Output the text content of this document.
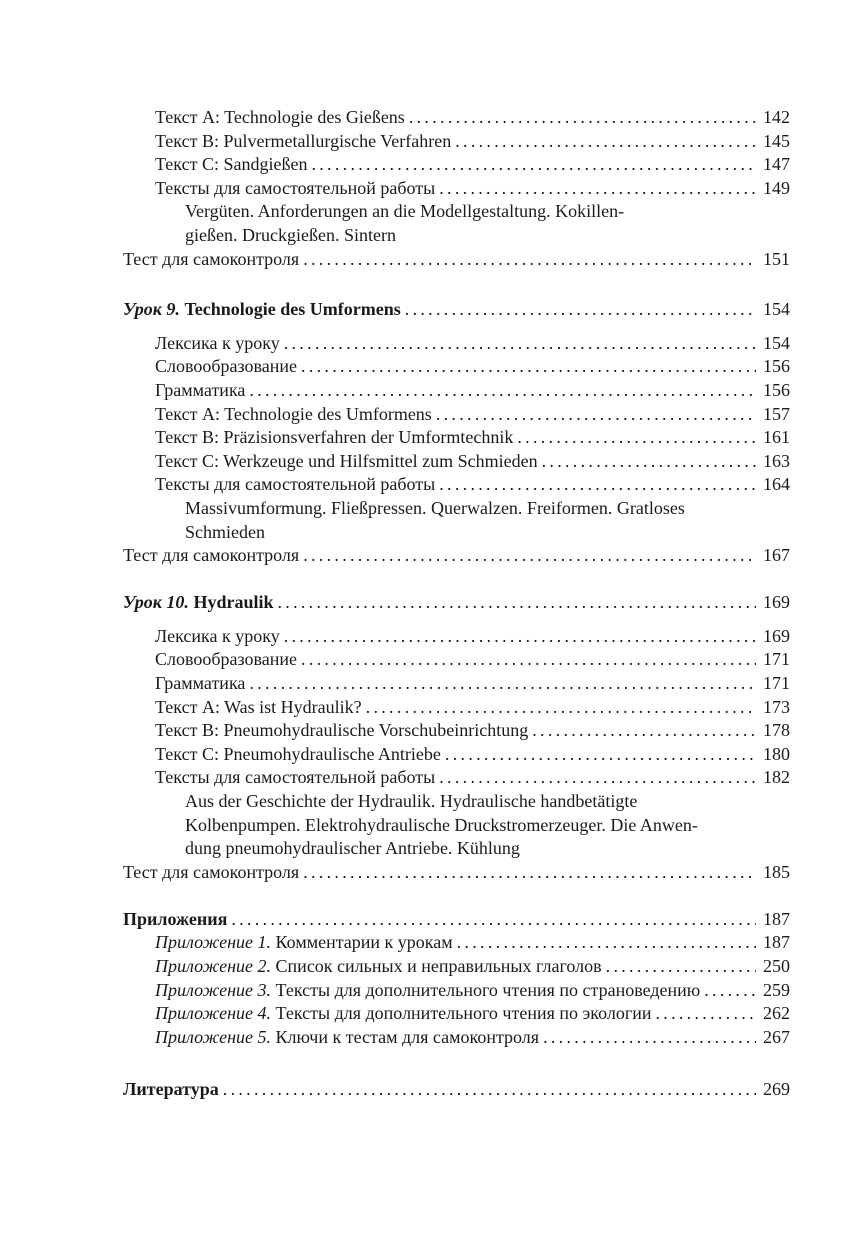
Текст A: Technologie des Gießens . . .	142
Текст B: Pulvermetallurgische Verfahren . . .	145
Текст C: Sandgießen . . .	147
Тексты для самостоятельной работы . . .	149
Vergüten. Anforderungen an die Modellgestaltung. Kokillen-
gießen. Druckgießen. Sintern
Тест для самоконтроля . . .	151
Урок 9. Technologie des Umformens . . .	154
Лексика к уроку . . .	154
Словообразование . . .	156
Грамматика . . .	156
Текст A: Technologie des Umformens . . .	157
Текст B: Präzisionsverfahren der Umformtechnik . . .	161
Текст C: Werkzeuge und Hilfsmittel zum Schmieden . . .	163
Тексты для самостоятельной работы . . .	164
Massivumformung. Fließpressen. Querwalzen. Freiformen. Gratloses
Schmieden
Тест для самоконтроля . . .	167
Урок 10. Hydraulik . . .	169
Лексика к уроку . . .	169
Словообразование . . .	171
Грамматика . . .	171
Текст A: Was ist Hydraulik? . . .	173
Текст B: Pneumohydraulische Vorschubeinrichtung . . .	178
Текст C: Pneumohydraulische Antriebe . . .	180
Тексты для самостоятельной работы . . .	182
Aus der Geschichte der Hydraulik. Hydraulische handbetätigte
Kolbenpumpen. Elektrohydraulische Druckstromerzeuger. Die Anwen-
dung pneumohydraulischer Antriebe. Kühlung
Тест для самоконтроля . . .	185
Приложения . . .	187
Приложение 1. Комментарии к урокам . . .	187
Приложение 2. Список сильных и неправильных глаголов . . .	250
Приложение 3. Тексты для дополнительного чтения по страноведению . . .	259
Приложение 4. Тексты для дополнительного чтения по экологии . . .	262
Приложение 5. Ключи к тестам для самоконтроля . . .	267
Литература . . .	269
